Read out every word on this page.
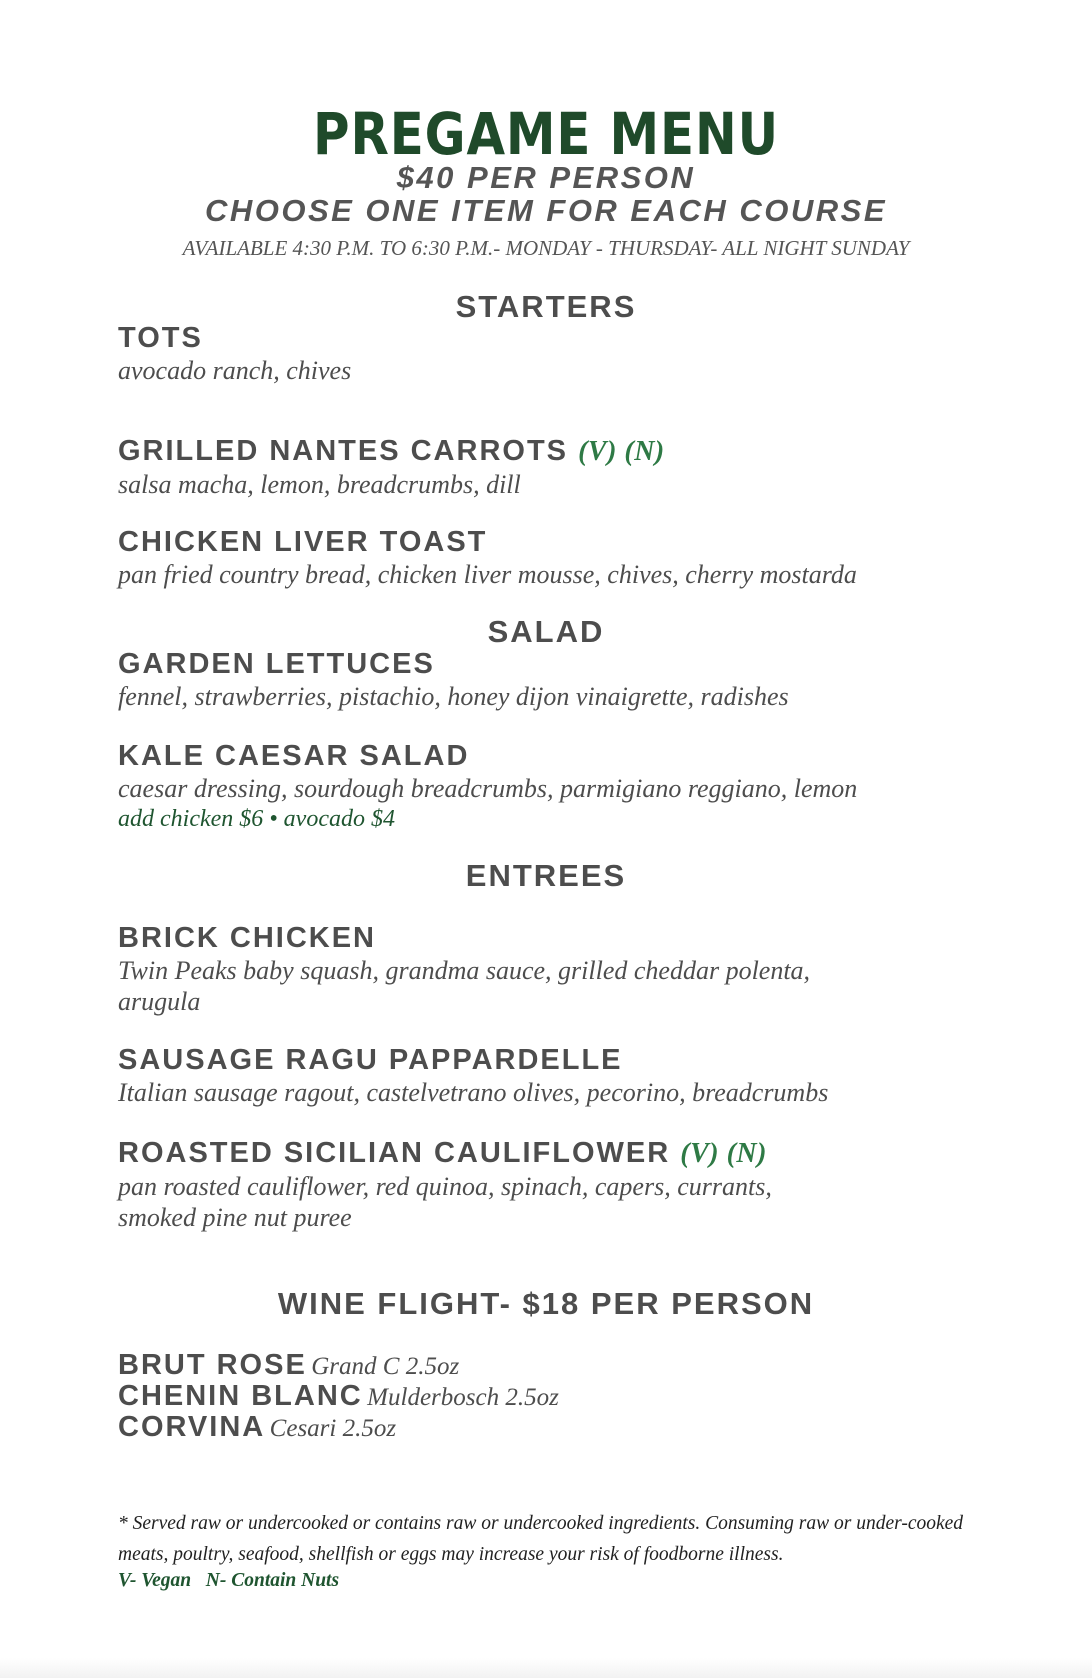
PREGAME MENU
$40 PER PERSON
CHOOSE ONE ITEM FOR EACH COURSE
AVAILABLE 4:30 P.M. TO 6:30 P.M.- MONDAY - THURSDAY- ALL NIGHT SUNDAY
STARTERS
TOTS
avocado ranch, chives
GRILLED NANTES CARROTS (V) (N)
salsa macha, lemon, breadcrumbs, dill
CHICKEN LIVER TOAST
pan fried country bread, chicken liver mousse, chives, cherry mostarda
SALAD
GARDEN LETTUCES
fennel, strawberries, pistachio, honey dijon vinaigrette, radishes
KALE CAESAR SALAD
caesar dressing, sourdough breadcrumbs, parmigiano reggiano, lemon
add chicken $6 • avocado $4
ENTREES
BRICK CHICKEN
Twin Peaks baby squash, grandma sauce, grilled cheddar polenta,
arugula
SAUSAGE RAGU PAPPARDELLE
Italian sausage ragout, castelvetrano olives, pecorino, breadcrumbs
ROASTED SICILIAN CAULIFLOWER (V) (N)
pan roasted cauliflower, red quinoa, spinach, capers, currants,
smoked pine nut puree
WINE FLIGHT- $18 PER PERSON
BRUT ROSE Grand C 2.5oz
CHENIN BLANC Mulderbosch 2.5oz
CORVINA Cesari 2.5oz
* Served raw or undercooked or contains raw or undercooked ingredients. Consuming raw or under-cooked meats, poultry, seafood, shellfish or eggs may increase your risk of foodborne illness.
V- Vegan   N- Contain Nuts
